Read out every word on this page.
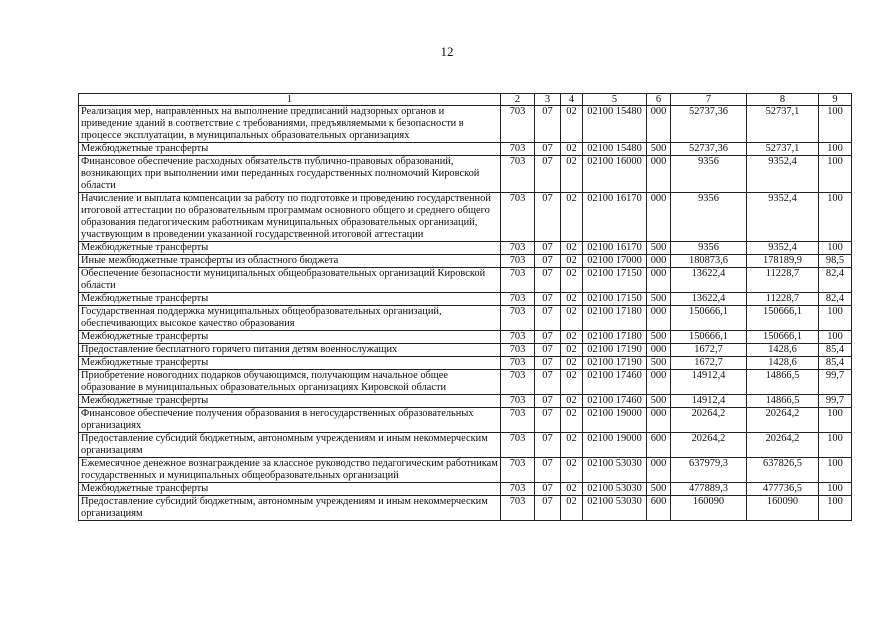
12
1	2	3	4	5	6	7	8	9
Реализация мер, направленных на выполнение предписаний надзорных органов и приведение зданий в соответствие с требованиями, предъявляемыми к безопасности в процессе эксплуатации, в муниципальных образовательных организациях	703	07	02	02100 15480	000	52737,36	52737,1	100
Межбюджетные трансферты	703	07	02	02100 15480	500	52737,36	52737,1	100
Финансовое обеспечение расходных обязательств публично-правовых образований, возникающих при выполнении ими переданных государственных полномочий Кировской области	703	07	02	02100 16000	000	9356	9352,4	100
Начисление и выплата компенсации за работу по подготовке и проведению государственной итоговой аттестации по образовательным программам основного общего и среднего общего образования педагогическим работникам муниципальных образовательных организаций, участвующим в проведении указанной государственной итоговой аттестации	703	07	02	02100 16170	000	9356	9352,4	100
Межбюджетные трансферты	703	07	02	02100 16170	500	9356	9352,4	100
Иные межбюджетные трансферты из областного бюджета	703	07	02	02100 17000	000	180873,6	178189,9	98,5
Обеспечение безопасности муниципальных общеобразовательных организаций Кировской области	703	07	02	02100 17150	000	13622,4	11228,7	82,4
Межбюджетные трансферты	703	07	02	02100 17150	500	13622,4	11228,7	82,4
Государственная поддержка муниципальных общеобразовательных организаций, обеспечивающих высокое качество образования	703	07	02	02100 17180	000	150666,1	150666,1	100
Межбюджетные трансферты	703	07	02	02100 17180	500	150666,1	150666,1	100
Предоставление бесплатного горячего питания детям военнослужащих	703	07	02	02100 17190	000	1672,7	1428,6	85,4
Межбюджетные трансферты	703	07	02	02100 17190	500	1672,7	1428,6	85,4
Приобретение новогодних подарков обучающимся, получающим начальное общее образование в муниципальных образовательных организациях Кировской области	703	07	02	02100 17460	000	14912,4	14866,5	99,7
Межбюджетные трансферты	703	07	02	02100 17460	500	14912,4	14866,5	99,7
Финансовое обеспечение получения образования в негосударственных образовательных организациях	703	07	02	02100 19000	000	20264,2	20264,2	100
Предоставление субсидий бюджетным, автономным учреждениям и иным некоммерческим организациям	703	07	02	02100 19000	600	20264,2	20264,2	100
Ежемесячное денежное вознаграждение за классное руководство педагогическим работникам государственных и муниципальных общеобразовательных организаций	703	07	02	02100 53030	000	637979,3	637826,5	100
Межбюджетные трансферты	703	07	02	02100 53030	500	477889,3	477736,5	100
Предоставление субсидий бюджетным, автономным учреждениям и иным некоммерческим организациям	703	07	02	02100 53030	600	160090	160090	100
